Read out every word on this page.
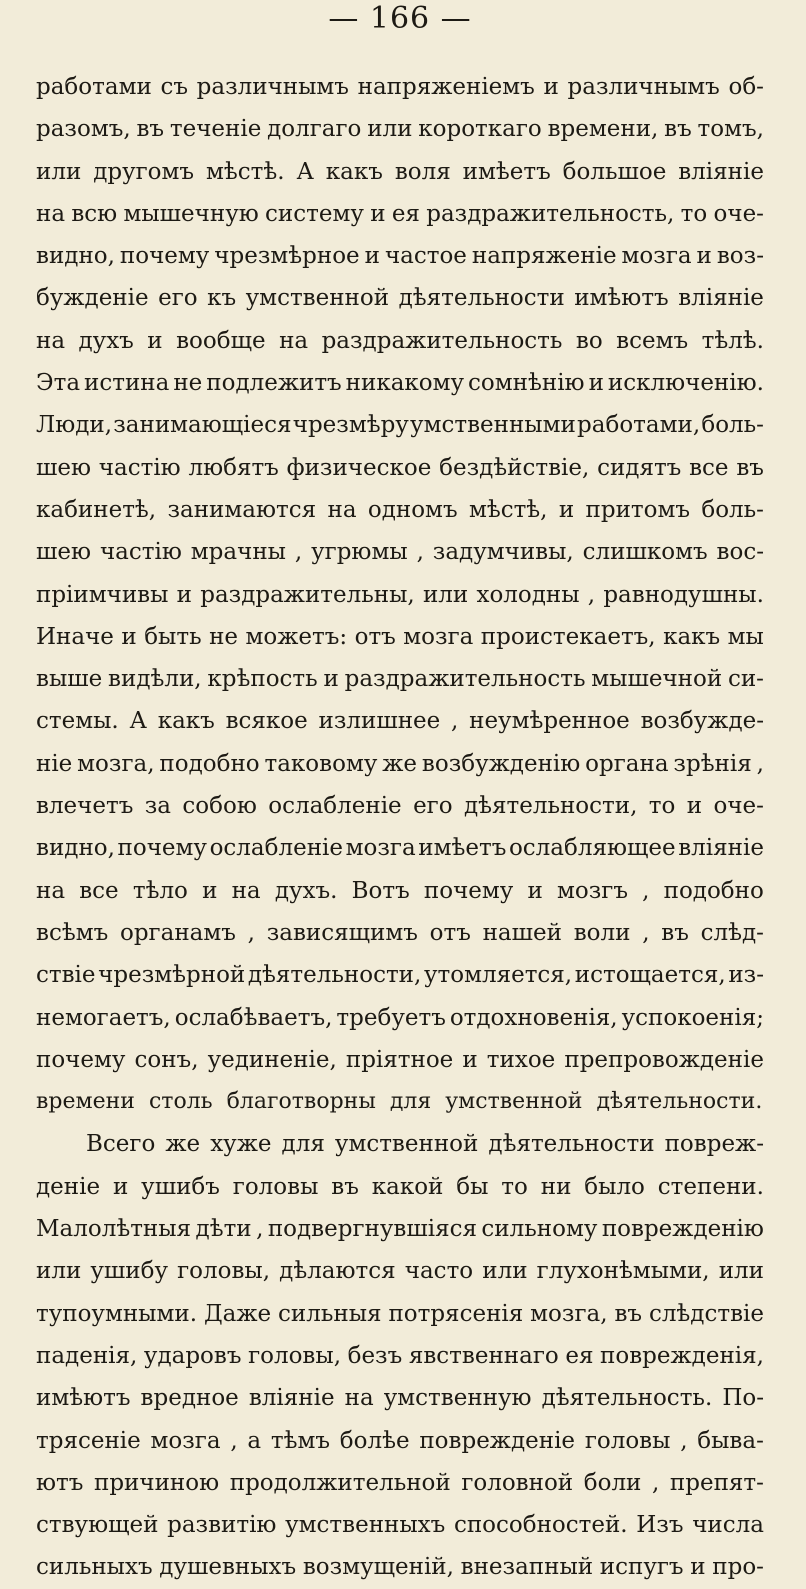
— 166 —
работами съ различнымъ напряженіемъ и различнымъ об-
разомъ, въ теченіе долгаго или короткаго времени, въ томъ,
или другомъ мѣстѣ. А какъ воля имѣетъ большое вліяніе
на всю мышечную систему и ея раздражительность, то оче-
видно, почему чрезмѣрное и частое напряженіе мозга и воз-
бужденіе его къ умственной дѣятельности имѣютъ вліяніе
на духъ и вообще на раздражительность во всемъ тѣлѣ.
Эта истина не подлежитъ никакому сомнѣнію и исключенію.
Люди, занимающіеся чрезмѣру умственными работами, боль-
шею частію любятъ физическое бездѣйствіе, сидятъ все въ
кабинетѣ, занимаются на одномъ мѣстѣ, и притомъ боль-
шею частію мрачны , угрюмы , задумчивы, слишкомъ вос-
пріимчивы и раздражительны, или холодны , равнодушны.
Иначе и быть не можетъ: отъ мозга проистекаетъ, какъ мы
выше видѣли, крѣпость и раздражительность мышечной си-
стемы. А какъ всякое излишнее , неумѣренное возбужде-
ніе мозга, подобно таковому же возбужденію органа зрѣнія ,
влечетъ за собою ослабленіе его дѣятельности, то и оче-
видно, почему ослабленіе мозга имѣетъ ослабляющее вліяніе
на все тѣло и на духъ. Вотъ почему и мозгъ , подобно
всѣмъ органамъ , зависящимъ отъ нашей воли , въ слѣд-
ствіе чрезмѣрной дѣятельности, утомляется, истощается, из-
немогаетъ, ослабѣваетъ, требуетъ отдохновенія, успокоенія;
почему сонъ, уединеніе, пріятное и тихое препровожденіе
времени столь благотворны для умственной дѣятельности.
Всего же хуже для умственной дѣятельности повреж-
деніе и ушибъ головы въ какой бы то ни было степени.
Малолѣтныя дѣти , подвергнувшіяся сильному поврежденію
или ушибу головы, дѣлаются часто или глухонѣмыми, или
тупоумными. Даже сильныя потрясенія мозга, въ слѣдствіе
паденія, ударовъ головы, безъ явственнаго ея поврежденія,
имѣютъ вредное вліяніе на умственную дѣятельность. По-
трясеніе мозга , а тѣмъ болѣе поврежденіе головы , быва-
ютъ причиною продолжительной головной боли , препят-
ствующей развитію умственныхъ способностей. Изъ числа
сильныхъ душевныхъ возмущеній, внезапный испугъ и про-
